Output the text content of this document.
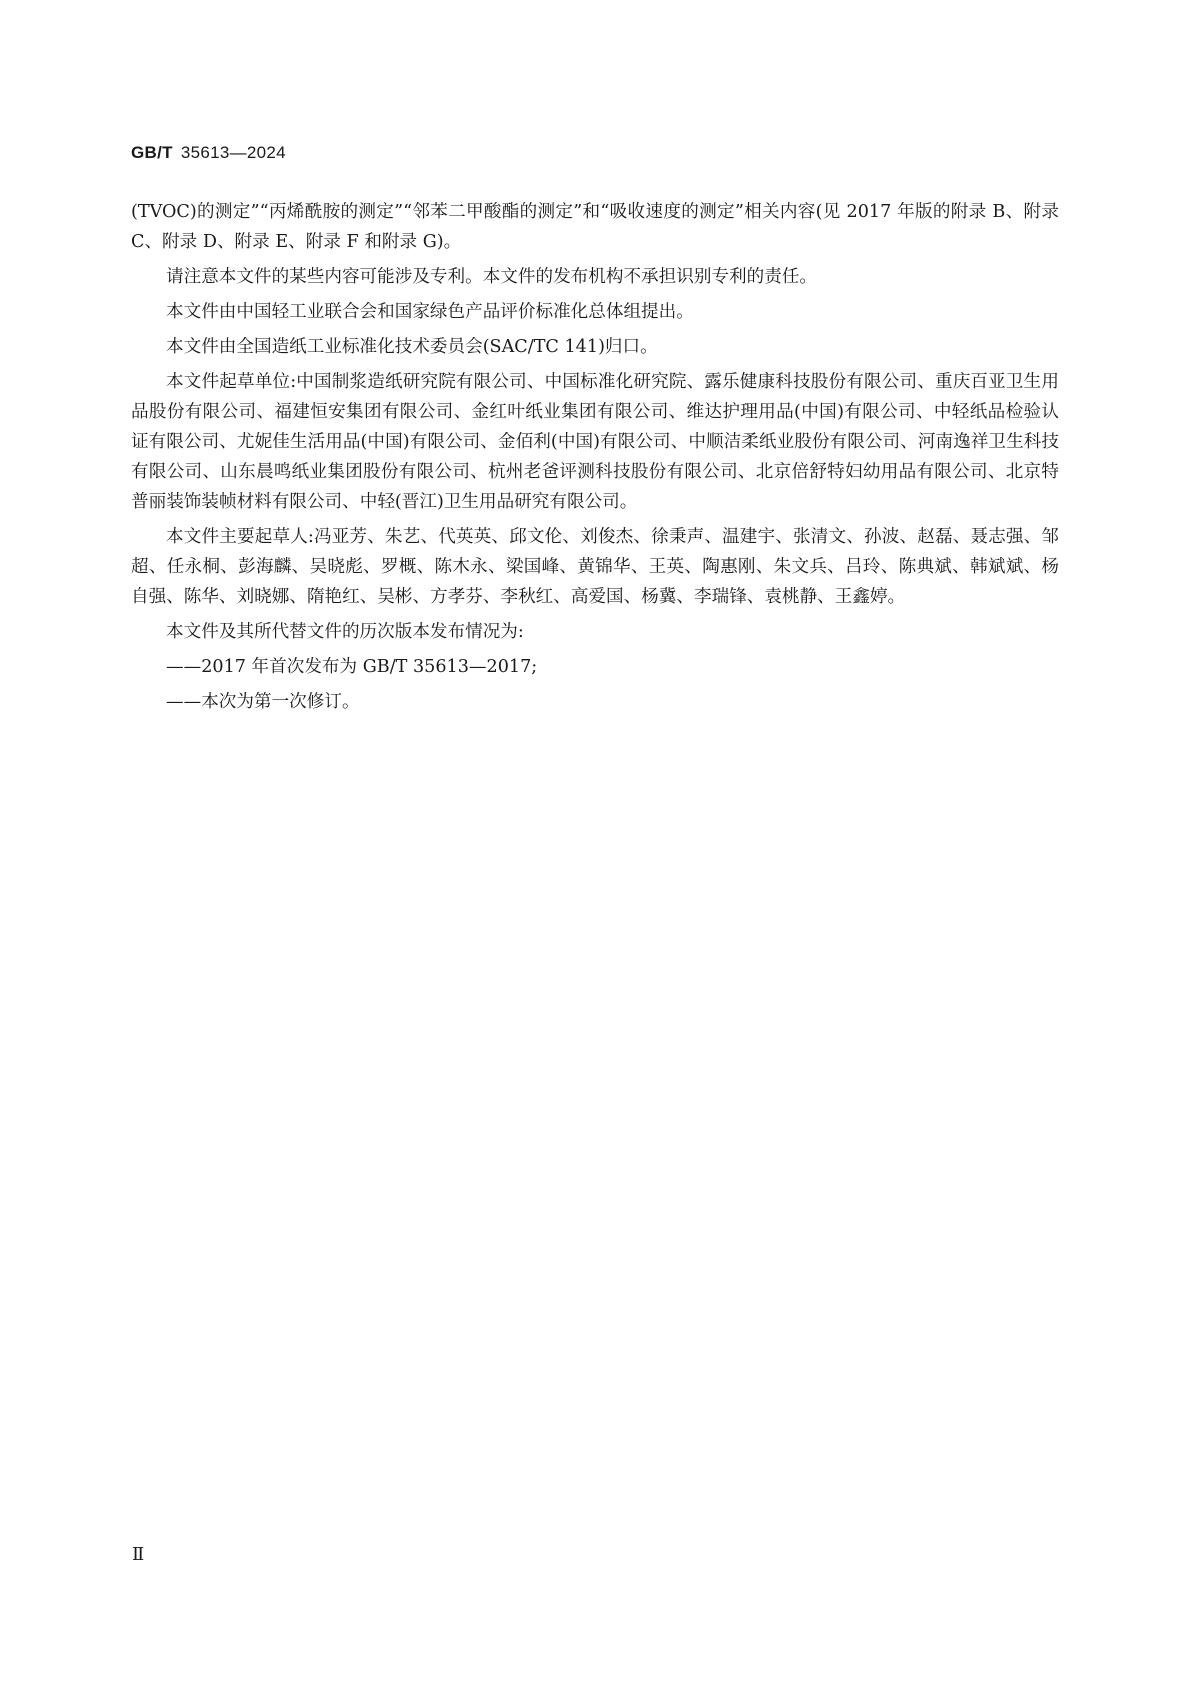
GB/T 35613—2024

(TVOC)的测定”“丙烯酰胺的测定”“邻苯二甲酸酯的测定”和“吸收速度的测定”相关内容(见 2017 年版的附录 B、附录 C、附录 D、附录 E、附录 F 和附录 G)。

请注意本文件的某些内容可能涉及专利。本文件的发布机构不承担识别专利的责任。

本文件由中国轻工业联合会和国家绿色产品评价标准化总体组提出。

本文件由全国造纸工业标准化技术委员会(SAC/TC 141)归口。

本文件起草单位:中国制浆造纸研究院有限公司、中国标准化研究院、露乐健康科技股份有限公司、重庆百亚卫生用品股份有限公司、福建恒安集团有限公司、金红叶纸业集团有限公司、维达护理用品(中国)有限公司、中轻纸品检验认证有限公司、尤妮佳生活用品(中国)有限公司、金佰利(中国)有限公司、中顺洁柔纸业股份有限公司、河南逸祥卫生科技有限公司、山东晨鸣纸业集团股份有限公司、杭州老爸评测科技股份有限公司、北京倍舒特妇幼用品有限公司、北京特普丽装饰装帧材料有限公司、中轻(晋江)卫生用品研究有限公司。

本文件主要起草人:冯亚芳、朱艺、代英英、邱文伦、刘俊杰、徐秉声、温建宇、张清文、孙波、赵磊、聂志强、邹超、任永桐、彭海麟、吴晓彪、罗概、陈木永、梁国峰、黄锦华、王英、陶惠刚、朱文兵、吕玲、陈典斌、韩斌斌、杨自强、陈华、刘晓娜、隋艳红、吴彬、方孝芬、李秋红、高爱国、杨冀、李瑞锋、袁桃静、王鑫婷。

本文件及其所代替文件的历次版本发布情况为:

——2017 年首次发布为 GB/T 35613—2017;

——本次为第一次修订。

Ⅱ
